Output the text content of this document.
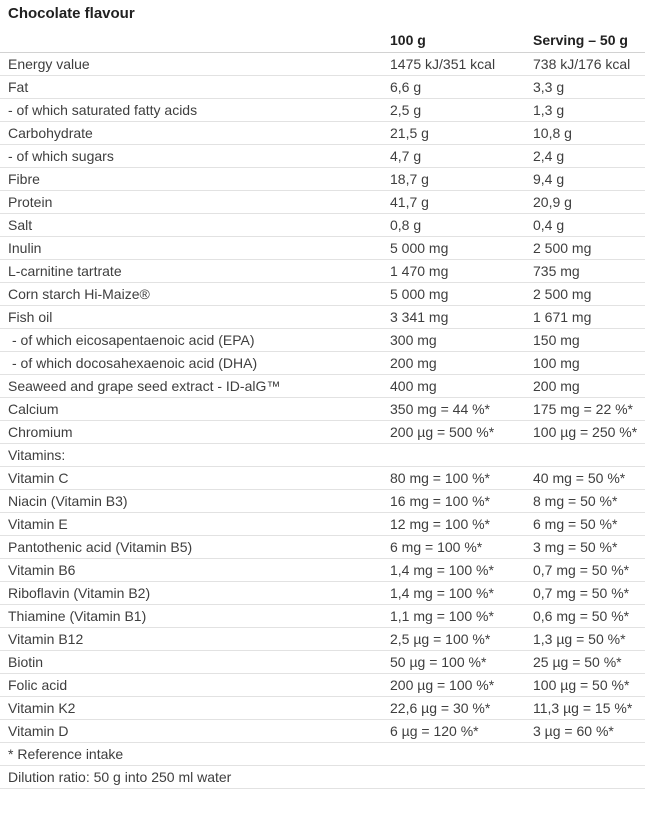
Chocolate flavour
	100 g	Serving – 50 g
Energy value	1475 kJ/351 kcal	738 kJ/176 kcal
Fat	6,6 g	3,3 g
- of which saturated fatty acids	2,5 g	1,3 g
Carbohydrate	21,5 g	10,8 g
- of which sugars	4,7 g	2,4 g
Fibre	18,7 g	9,4 g
Protein	41,7 g	20,9 g
Salt	0,8 g	0,4 g
Inulin	5 000 mg	2 500 mg
L-carnitine tartrate	1 470 mg	735 mg
Corn starch Hi-Maize®	5 000 mg	2 500 mg
Fish oil	3 341 mg	1 671 mg
- of which eicosapentaenoic acid (EPA)	300 mg	150 mg
- of which docosahexaenoic acid (DHA)	200 mg	100 mg
Seaweed and grape seed extract - ID-alG™	400 mg	200 mg
Calcium	350 mg = 44 %*	175 mg = 22 %*
Chromium	200 µg = 500 %*	100 µg = 250 %*
Vitamins:		
Vitamin C	80 mg = 100 %*	40 mg = 50 %*
Niacin (Vitamin B3)	16 mg = 100 %*	8 mg = 50 %*
Vitamin E	12 mg = 100 %*	6 mg = 50 %*
Pantothenic acid (Vitamin B5)	6 mg = 100 %*	3 mg = 50 %*
Vitamin B6	1,4 mg = 100 %*	0,7 mg = 50 %*
Riboflavin (Vitamin B2)	1,4 mg = 100 %*	0,7 mg = 50 %*
Thiamine (Vitamin B1)	1,1 mg = 100 %*	0,6 mg = 50 %*
Vitamin B12	2,5 µg = 100 %*	1,3 µg = 50 %*
Biotin	50 µg = 100 %*	25 µg = 50 %*
Folic acid	200 µg = 100 %*	100 µg = 50 %*
Vitamin K2	22,6 µg = 30 %*	11,3 µg = 15 %*
Vitamin D	6 µg = 120 %*	3 µg = 60 %*
* Reference intake		
Dilution ratio: 50 g into 250 ml water		
